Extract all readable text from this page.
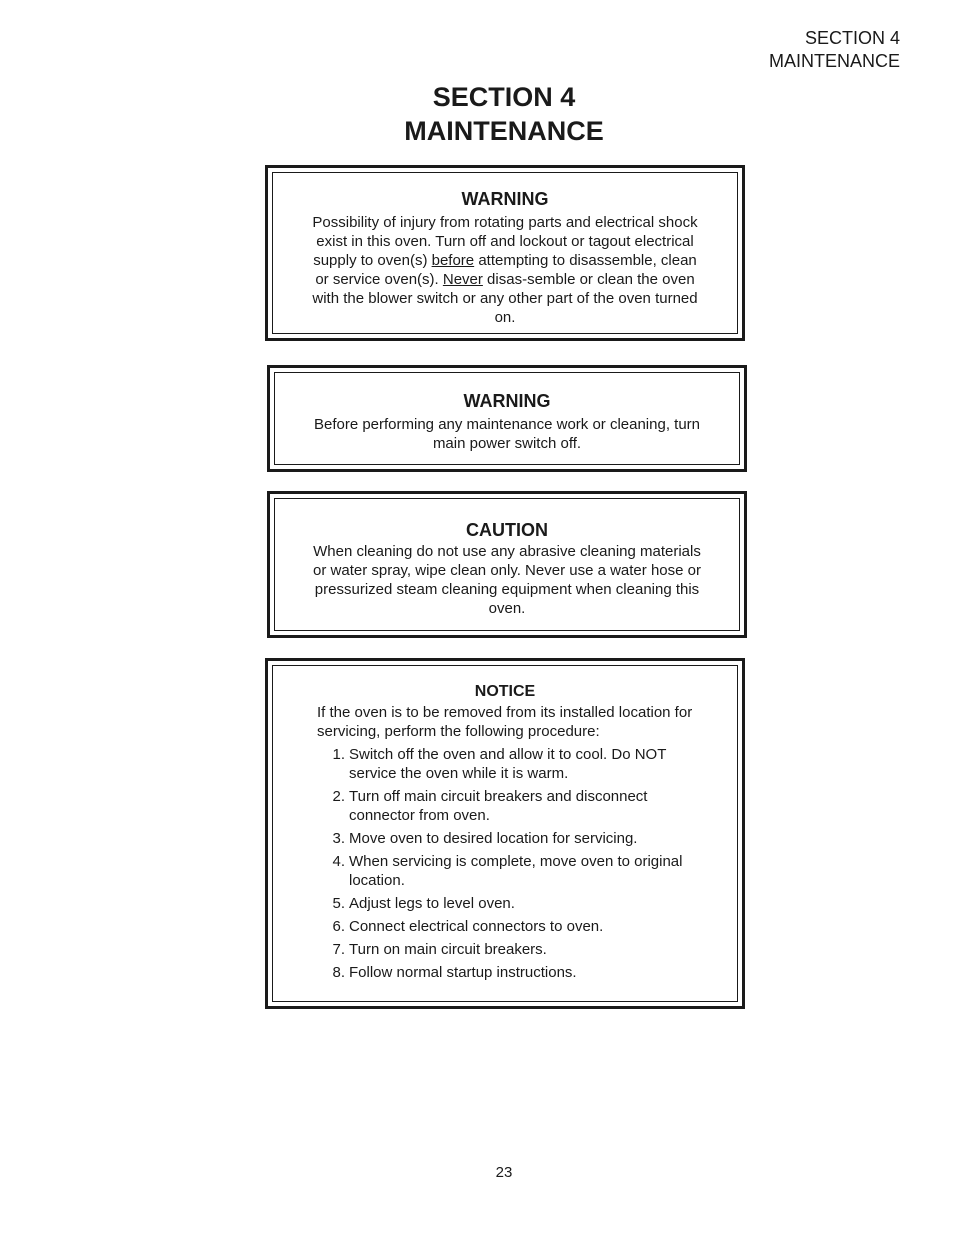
SECTION 4
MAINTENANCE
SECTION 4
MAINTENANCE
WARNING
Possibility of injury from rotating parts and electrical shock exist in this oven. Turn off and lockout or tagout electrical supply to oven(s) before attempting to disassemble, clean or service oven(s). Never disas-semble or clean the oven with the blower switch or any other part of the oven turned on.
WARNING
Before performing any maintenance work or cleaning, turn main power switch off.
CAUTION
When cleaning do not use any abrasive cleaning materials or water spray, wipe clean only. Never use a water hose or pressurized steam cleaning equipment when cleaning this oven.
NOTICE
If the oven is to be removed from its installed location for servicing, perform the following procedure:
1. Switch off the oven and allow it to cool. Do NOT service the oven while it is warm.
2. Turn off main circuit breakers and disconnect connector from oven.
3. Move oven to desired location for servicing.
4. When servicing is complete, move oven to original location.
5. Adjust legs to level oven.
6. Connect electrical connectors to oven.
7. Turn on main circuit breakers.
8. Follow normal startup instructions.
23
